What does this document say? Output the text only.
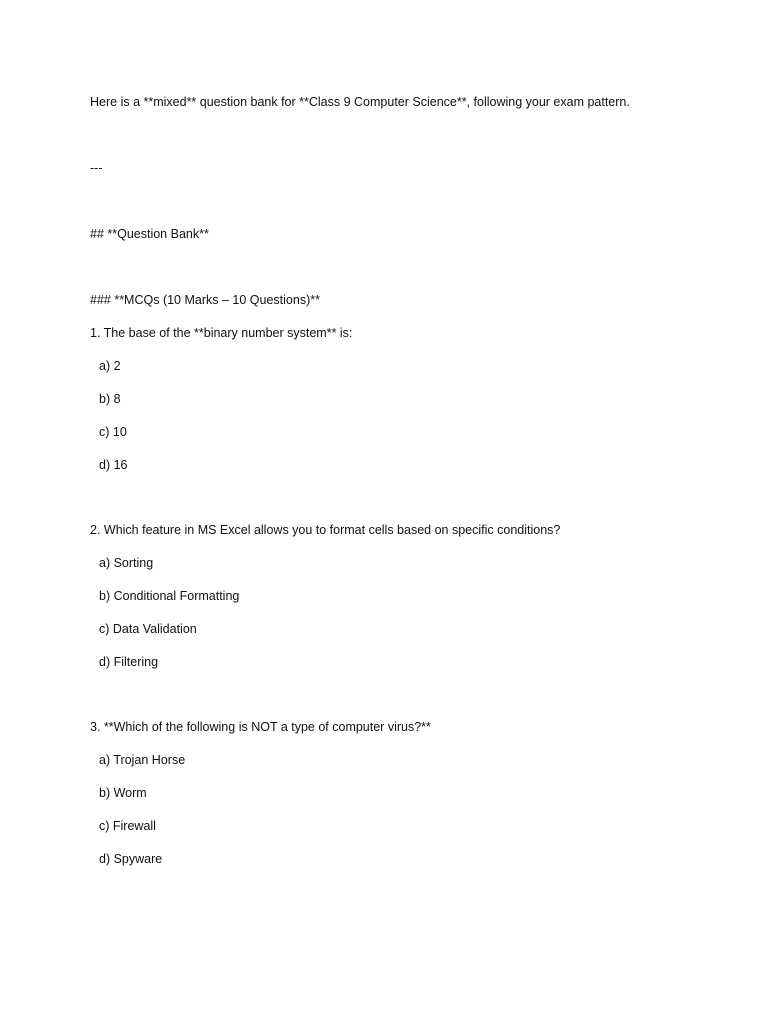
Here is a **mixed** question bank for **Class 9 Computer Science**, following your exam pattern.
---
## **Question Bank**
### **MCQs (10 Marks – 10 Questions)**
1. The base of the **binary number system** is:
a) 2
b) 8
c) 10
d) 16
2. Which feature in MS Excel allows you to format cells based on specific conditions?
a) Sorting
b) Conditional Formatting
c) Data Validation
d) Filtering
3. **Which of the following is NOT a type of computer virus?**
a) Trojan Horse
b) Worm
c) Firewall
d) Spyware
